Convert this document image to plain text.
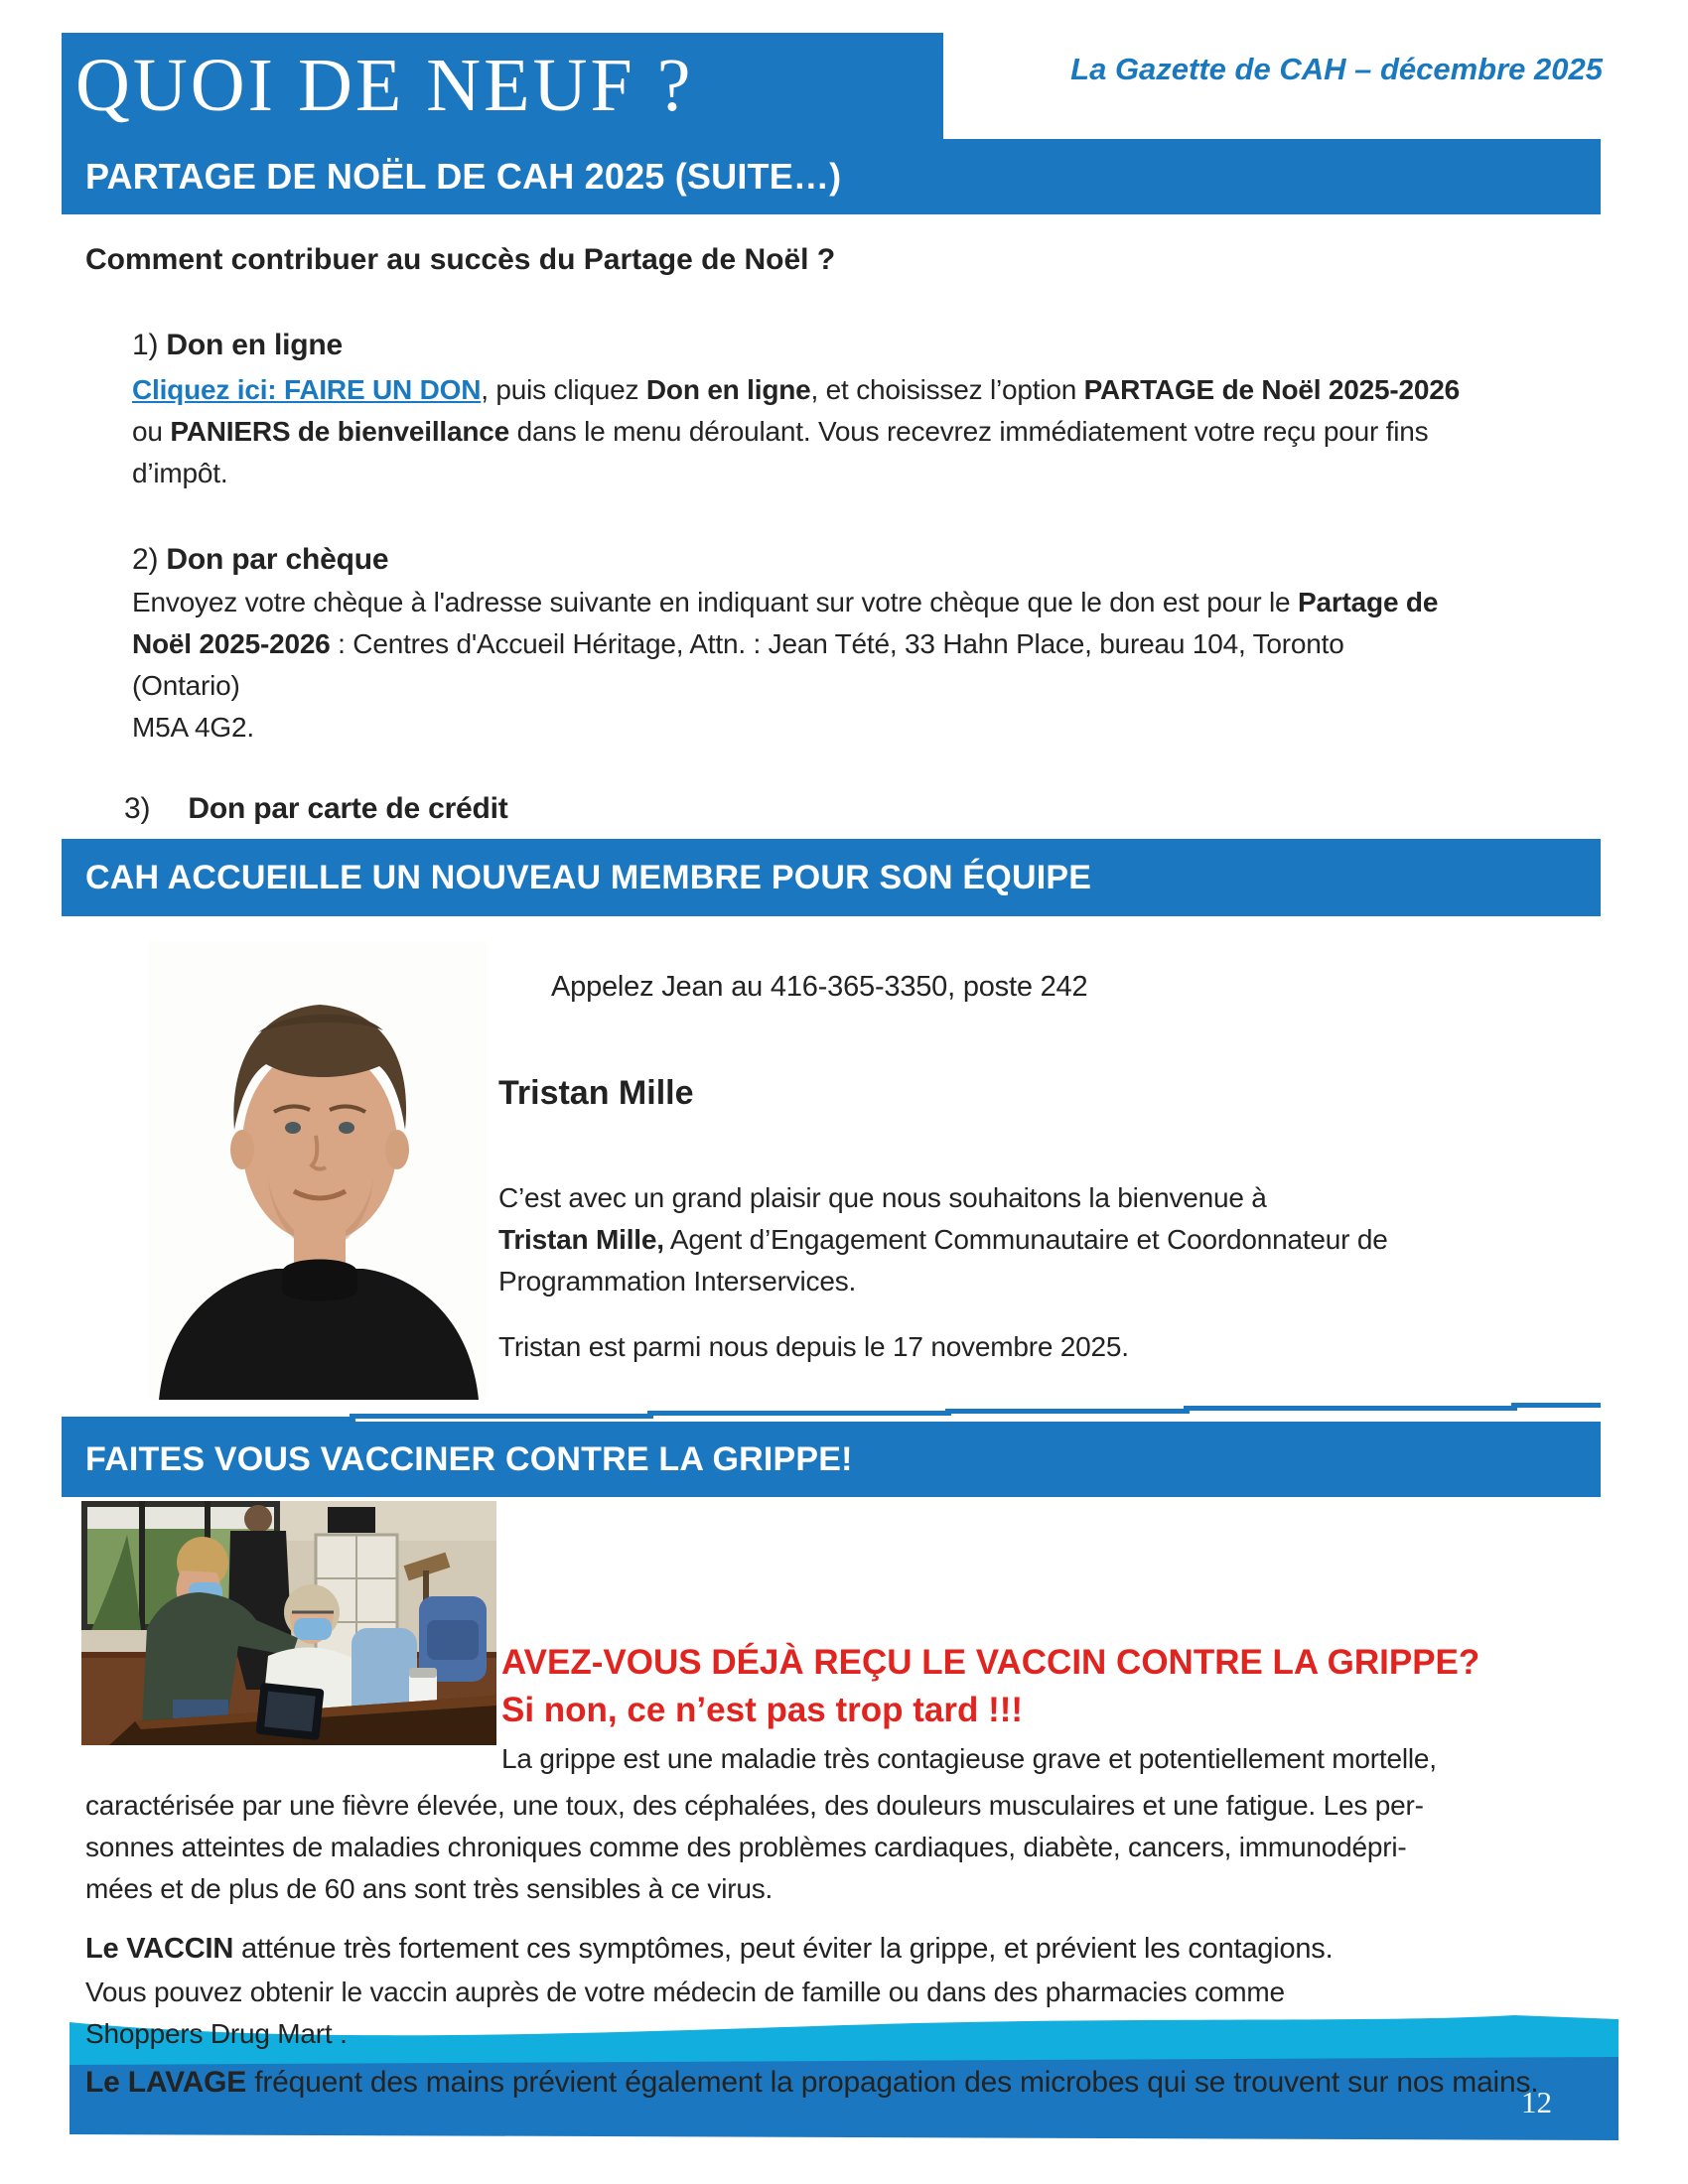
QUOI DE NEUF ?	La Gazette de CAH – décembre 2025
PARTAGE DE NOËL DE CAH 2025 (SUITE…)
Comment contribuer au succès du Partage de Noël ?
1) Don en ligne
Cliquez ici: FAIRE UN DON, puis cliquez Don en ligne, et choisissez l’option PARTAGE de Noël 2025-2026
ou PANIERS de bienveillance dans le menu déroulant. Vous recevrez immédiatement votre reçu pour fins
d’impôt.
2) Don par chèque
Envoyez votre chèque à l'adresse suivante en indiquant sur votre chèque que le don est pour le Partage de
Noël 2025-2026 : Centres d'Accueil Héritage, Attn. : Jean Tété, 33 Hahn Place, bureau 104, Toronto
(Ontario)
M5A 4G2.
3) Don par carte de crédit
CAH ACCUEILLE UN NOUVEAU MEMBRE POUR SON ÉQUIPE
Appelez Jean au 416-365-3350, poste 242
Tristan Mille
C’est avec un grand plaisir que nous souhaitons la bienvenue à
Tristan Mille, Agent d’Engagement Communautaire et Coordonnateur de
Programmation Interservices.
Tristan est parmi nous depuis le 17 novembre 2025.
FAITES VOUS VACCINER CONTRE LA GRIPPE!
AVEZ-VOUS DÉJÀ REÇU LE VACCIN CONTRE LA GRIPPE?
Si non, ce n’est pas trop tard !!!
La grippe est une maladie très contagieuse grave et potentiellement mortelle,
caractérisée par une fièvre élevée, une toux, des céphalées, des douleurs musculaires et une fatigue. Les per-
sonnes atteintes de maladies chroniques comme des problèmes cardiaques, diabète, cancers, immunodépri-
mées et de plus de 60 ans sont très sensibles à ce virus.
Le VACCIN atténue très fortement ces symptômes, peut éviter la grippe, et prévient les contagions.
Vous pouvez obtenir le vaccin auprès de votre médecin de famille ou dans des pharmacies comme
Shoppers Drug Mart .
Le LAVAGE fréquent des mains prévient également la propagation des microbes qui se trouvent sur nos mains.
12
